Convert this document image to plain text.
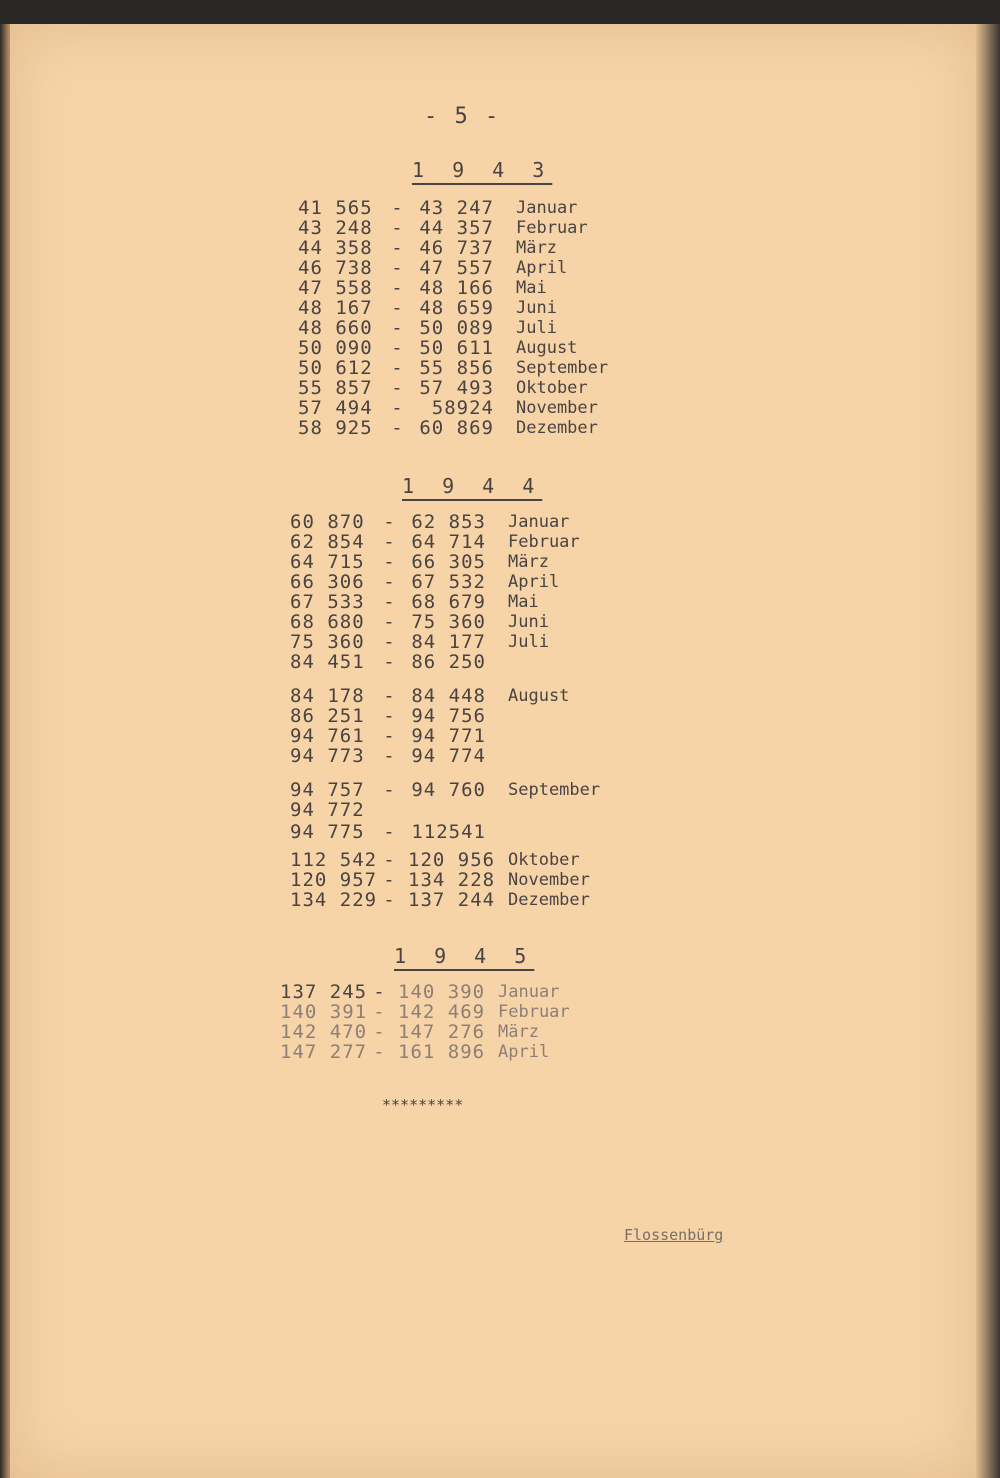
- 5 -
1 9 4 3
41 565 - 43 247 Januar
43 248 - 44 357 Februar
44 358 - 46 737 März
46 738 - 47 557 April
47 558 - 48 166 Mai
48 167 - 48 659 Juni
48 660 - 50 089 Juli
50 090 - 50 611 August
50 612 - 55 856 September
55 857 - 57 493 Oktober
57 494 -	58924 November
58 925 - 60 869 Dezember
1 9 4 4
60 870 - 62 853 Januar
62 854 - 64 714 Februar
64 715 - 66 305 März
66 306 - 67 532 April
67 533 - 68 679 Mai
68 680 - 75 360 Juni
75 360 - 84 177 Juli
84 451 - 86 250
84 178 - 84 448 August
86 251 - 94 756
94 761 - 94 771
94 773 - 94 774
94 757 - 94 760 September
94 772
94 775 - 112541
112 542 - 120 956 Oktober
120 957 - 134 228 November
134 229 - 137 244 Dezember
1 9 4 5
137 245 - 140 390 Januar
140 391 - 142 469 Februar
142 470 - 147 276 März
147 277 - 161 896 April
*********
Flossenbürg
